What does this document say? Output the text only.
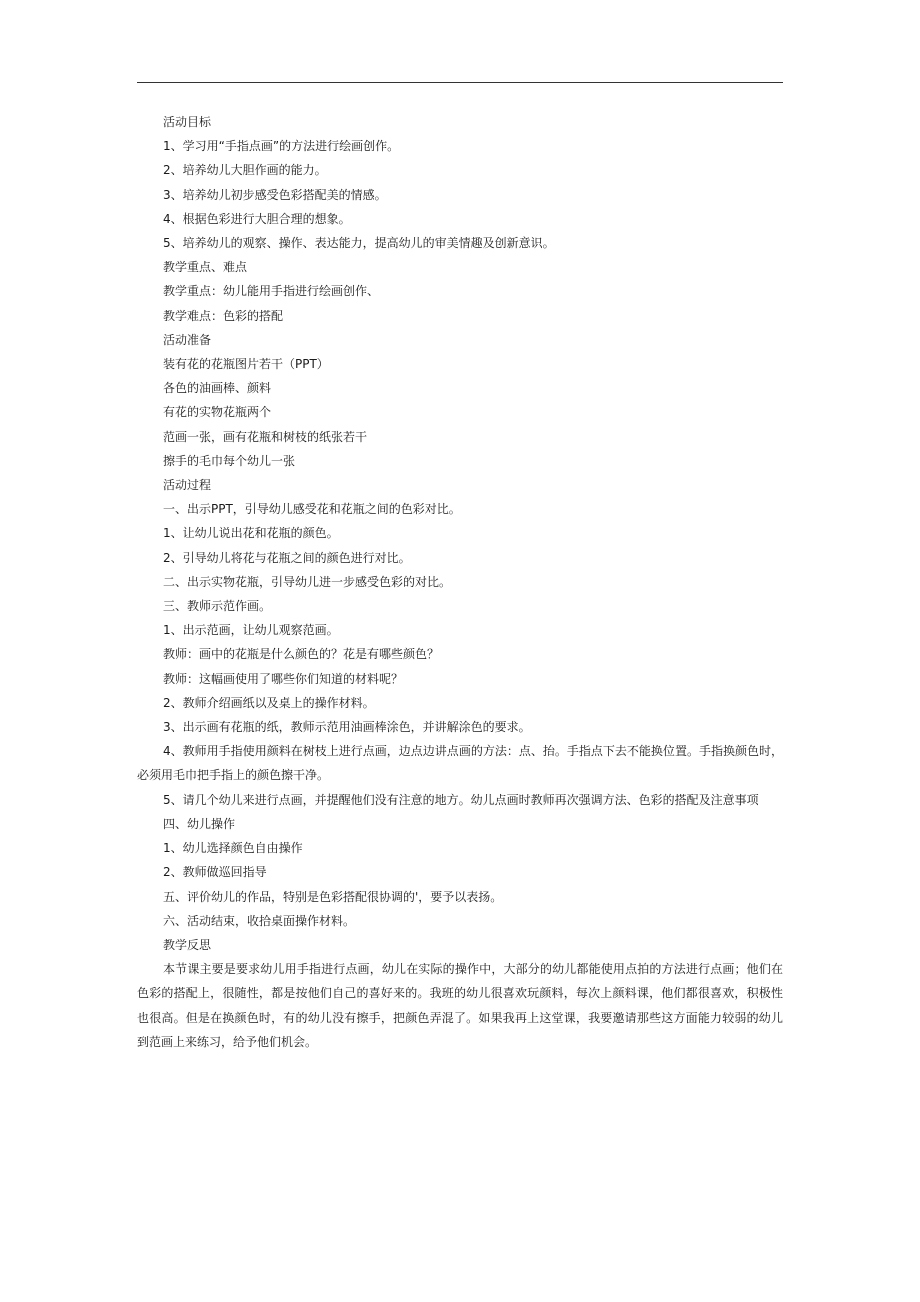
活动目标
1、学习用“手指点画”的方法进行绘画创作。
2、培养幼儿大胆作画的能力。
3、培养幼儿初步感受色彩搭配美的情感。
4、根据色彩进行大胆合理的想象。
5、培养幼儿的观察、操作、表达能力，提高幼儿的审美情趣及创新意识。
教学重点、难点
教学重点：幼儿能用手指进行绘画创作、
教学难点：色彩的搭配
活动准备
装有花的花瓶图片若干（PPT）
各色的油画棒、颜料
有花的实物花瓶两个
范画一张，画有花瓶和树枝的纸张若干
擦手的毛巾每个幼儿一张
活动过程
一、出示PPT，引导幼儿感受花和花瓶之间的色彩对比。
1、让幼儿说出花和花瓶的颜色。
2、引导幼儿将花与花瓶之间的颜色进行对比。
二、出示实物花瓶，引导幼儿进一步感受色彩的对比。
三、教师示范作画。
1、出示范画，让幼儿观察范画。
教师：画中的花瓶是什么颜色的？花是有哪些颜色？
教师：这幅画使用了哪些你们知道的材料呢？
2、教师介绍画纸以及桌上的操作材料。
3、出示画有花瓶的纸，教师示范用油画棒涂色，并讲解涂色的要求。
4、教师用手指使用颜料在树枝上进行点画，边点边讲点画的方法：点、抬。手指点下去不能换位置。手指换颜色时，必须用毛巾把手指上的颜色擦干净。
5、请几个幼儿来进行点画，并提醒他们没有注意的地方。幼儿点画时教师再次强调方法、色彩的搭配及注意事项
四、幼儿操作
1、幼儿选择颜色自由操作
2、教师做巡回指导
五、评价幼儿的作品，特别是色彩搭配很协调的'，要予以表扬。
六、活动结束，收拾桌面操作材料。
教学反思
本节课主要是要求幼儿用手指进行点画，幼儿在实际的操作中，大部分的幼儿都能使用点拍的方法进行点画；他们在色彩的搭配上，很随性，都是按他们自己的喜好来的。我班的幼儿很喜欢玩颜料，每次上颜料课，他们都很喜欢，积极性也很高。但是在换颜色时，有的幼儿没有擦手，把颜色弄混了。如果我再上这堂课，我要邀请那些这方面能力较弱的幼儿到范画上来练习，给予他们机会。
